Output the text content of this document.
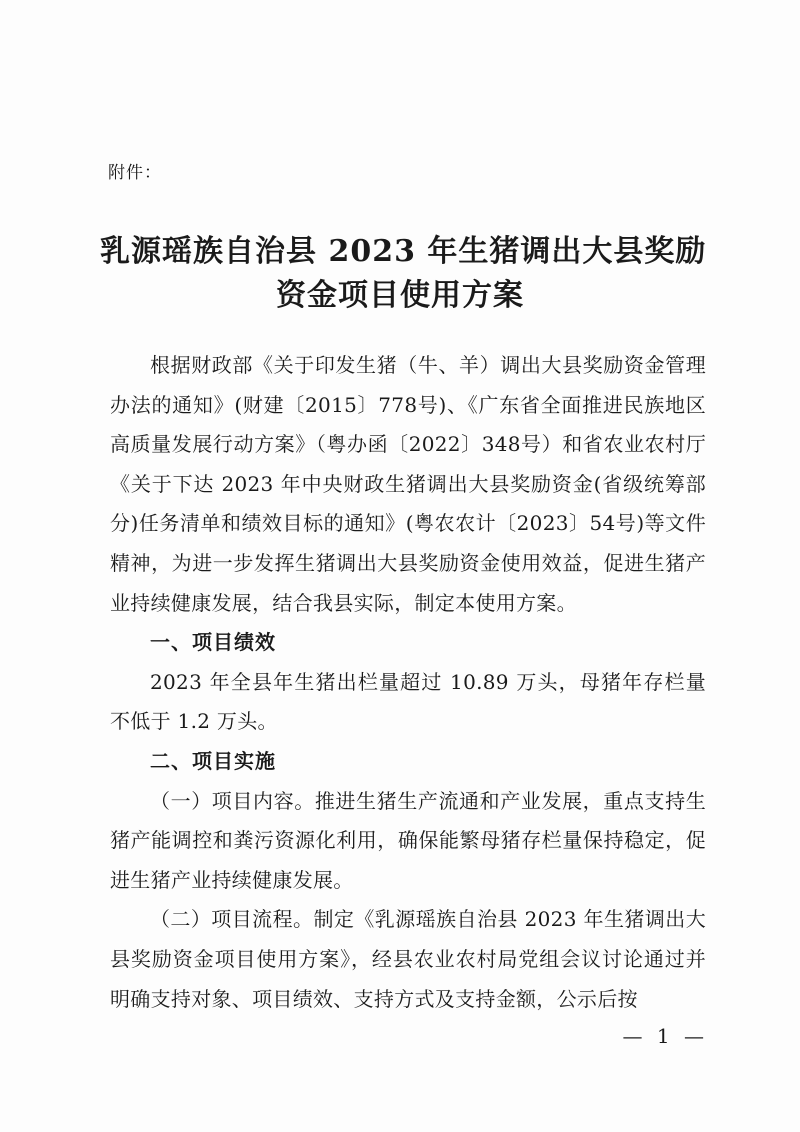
附件：
乳源瑶族自治县 2023 年生猪调出大县奖励
资金项目使用方案

根据财政部《关于印发生猪（牛、羊）调出大县奖励资金管理办法的通知》(财建〔2015〕778号)、《广东省全面推进民族地区高质量发展行动方案》（粤办函〔2022〕348号）和省农业农村厅《关于下达 2023 年中央财政生猪调出大县奖励资金(省级统筹部分)任务清单和绩效目标的通知》(粤农农计〔2023〕54号)等文件精神，为进一步发挥生猪调出大县奖励资金使用效益，促进生猪产业持续健康发展，结合我县实际，制定本使用方案。

一、项目绩效

2023 年全县年生猪出栏量超过 10.89 万头，母猪年存栏量不低于 1.2 万头。

二、项目实施

（一）项目内容。推进生猪生产流通和产业发展，重点支持生猪产能调控和粪污资源化利用，确保能繁母猪存栏量保持稳定，促进生猪产业持续健康发展。

（二）项目流程。制定《乳源瑶族自治县 2023 年生猪调出大县奖励资金项目使用方案》，经县农业农村局党组会议讨论通过并明确支持对象、项目绩效、支持方式及支持金额，公示后按

— 1 —
